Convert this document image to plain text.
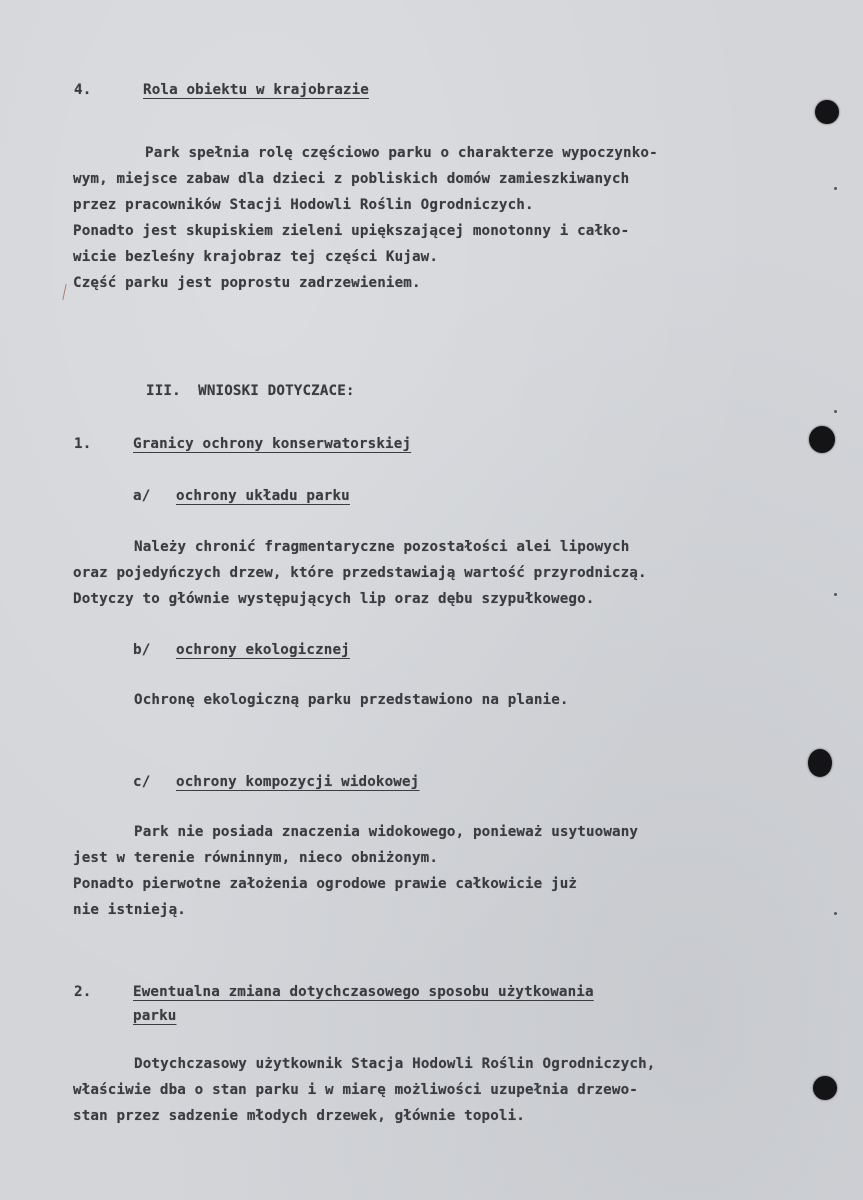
4.	Rola obiektu w krajobrazie
Park spełnia rolę częściowo parku o charakterze wypoczynko-
wym, miejsce zabaw dla dzieci z pobliskich domów zamieszkiwanych
przez pracowników Stacji Hodowli Roślin Ogrodniczych.
Ponadto jest skupiskiem zieleni upiększającej monotonny i całko-
wicie bezleśny krajobraz tej części Kujaw.
Część parku jest poprostu zadrzewieniem.
III.  WNIOSKI DOTYCZACE:
1.	Granicy ochrony konserwatorskiej
a/ ochrony układu parku
Należy chronić fragmentaryczne pozostałości alei lipowych
oraz pojedyńczych drzew, które przedstawiają wartość przyrodniczą.
Dotyczy to głównie występujących lip oraz dębu szypułkowego.
b/ ochrony ekologicznej
Ochronę ekologiczną parku przedstawiono na planie.
c/ ochrony kompozycji widokowej
Park nie posiada znaczenia widokowego, ponieważ usytuowany
jest w terenie równinnym, nieco obniżonym.
Ponadto pierwotne założenia ogrodowe prawie całkowicie już
nie istnieją.
2.	Ewentualna zmiana dotychczasowego sposobu użytkowania
parku
Dotychczasowy użytkownik Stacja Hodowli Roślin Ogrodniczych,
właściwie dba o stan parku i w miarę możliwości uzupełnia drzewo-
stan przez sadzenie młodych drzewek, głównie topoli.
